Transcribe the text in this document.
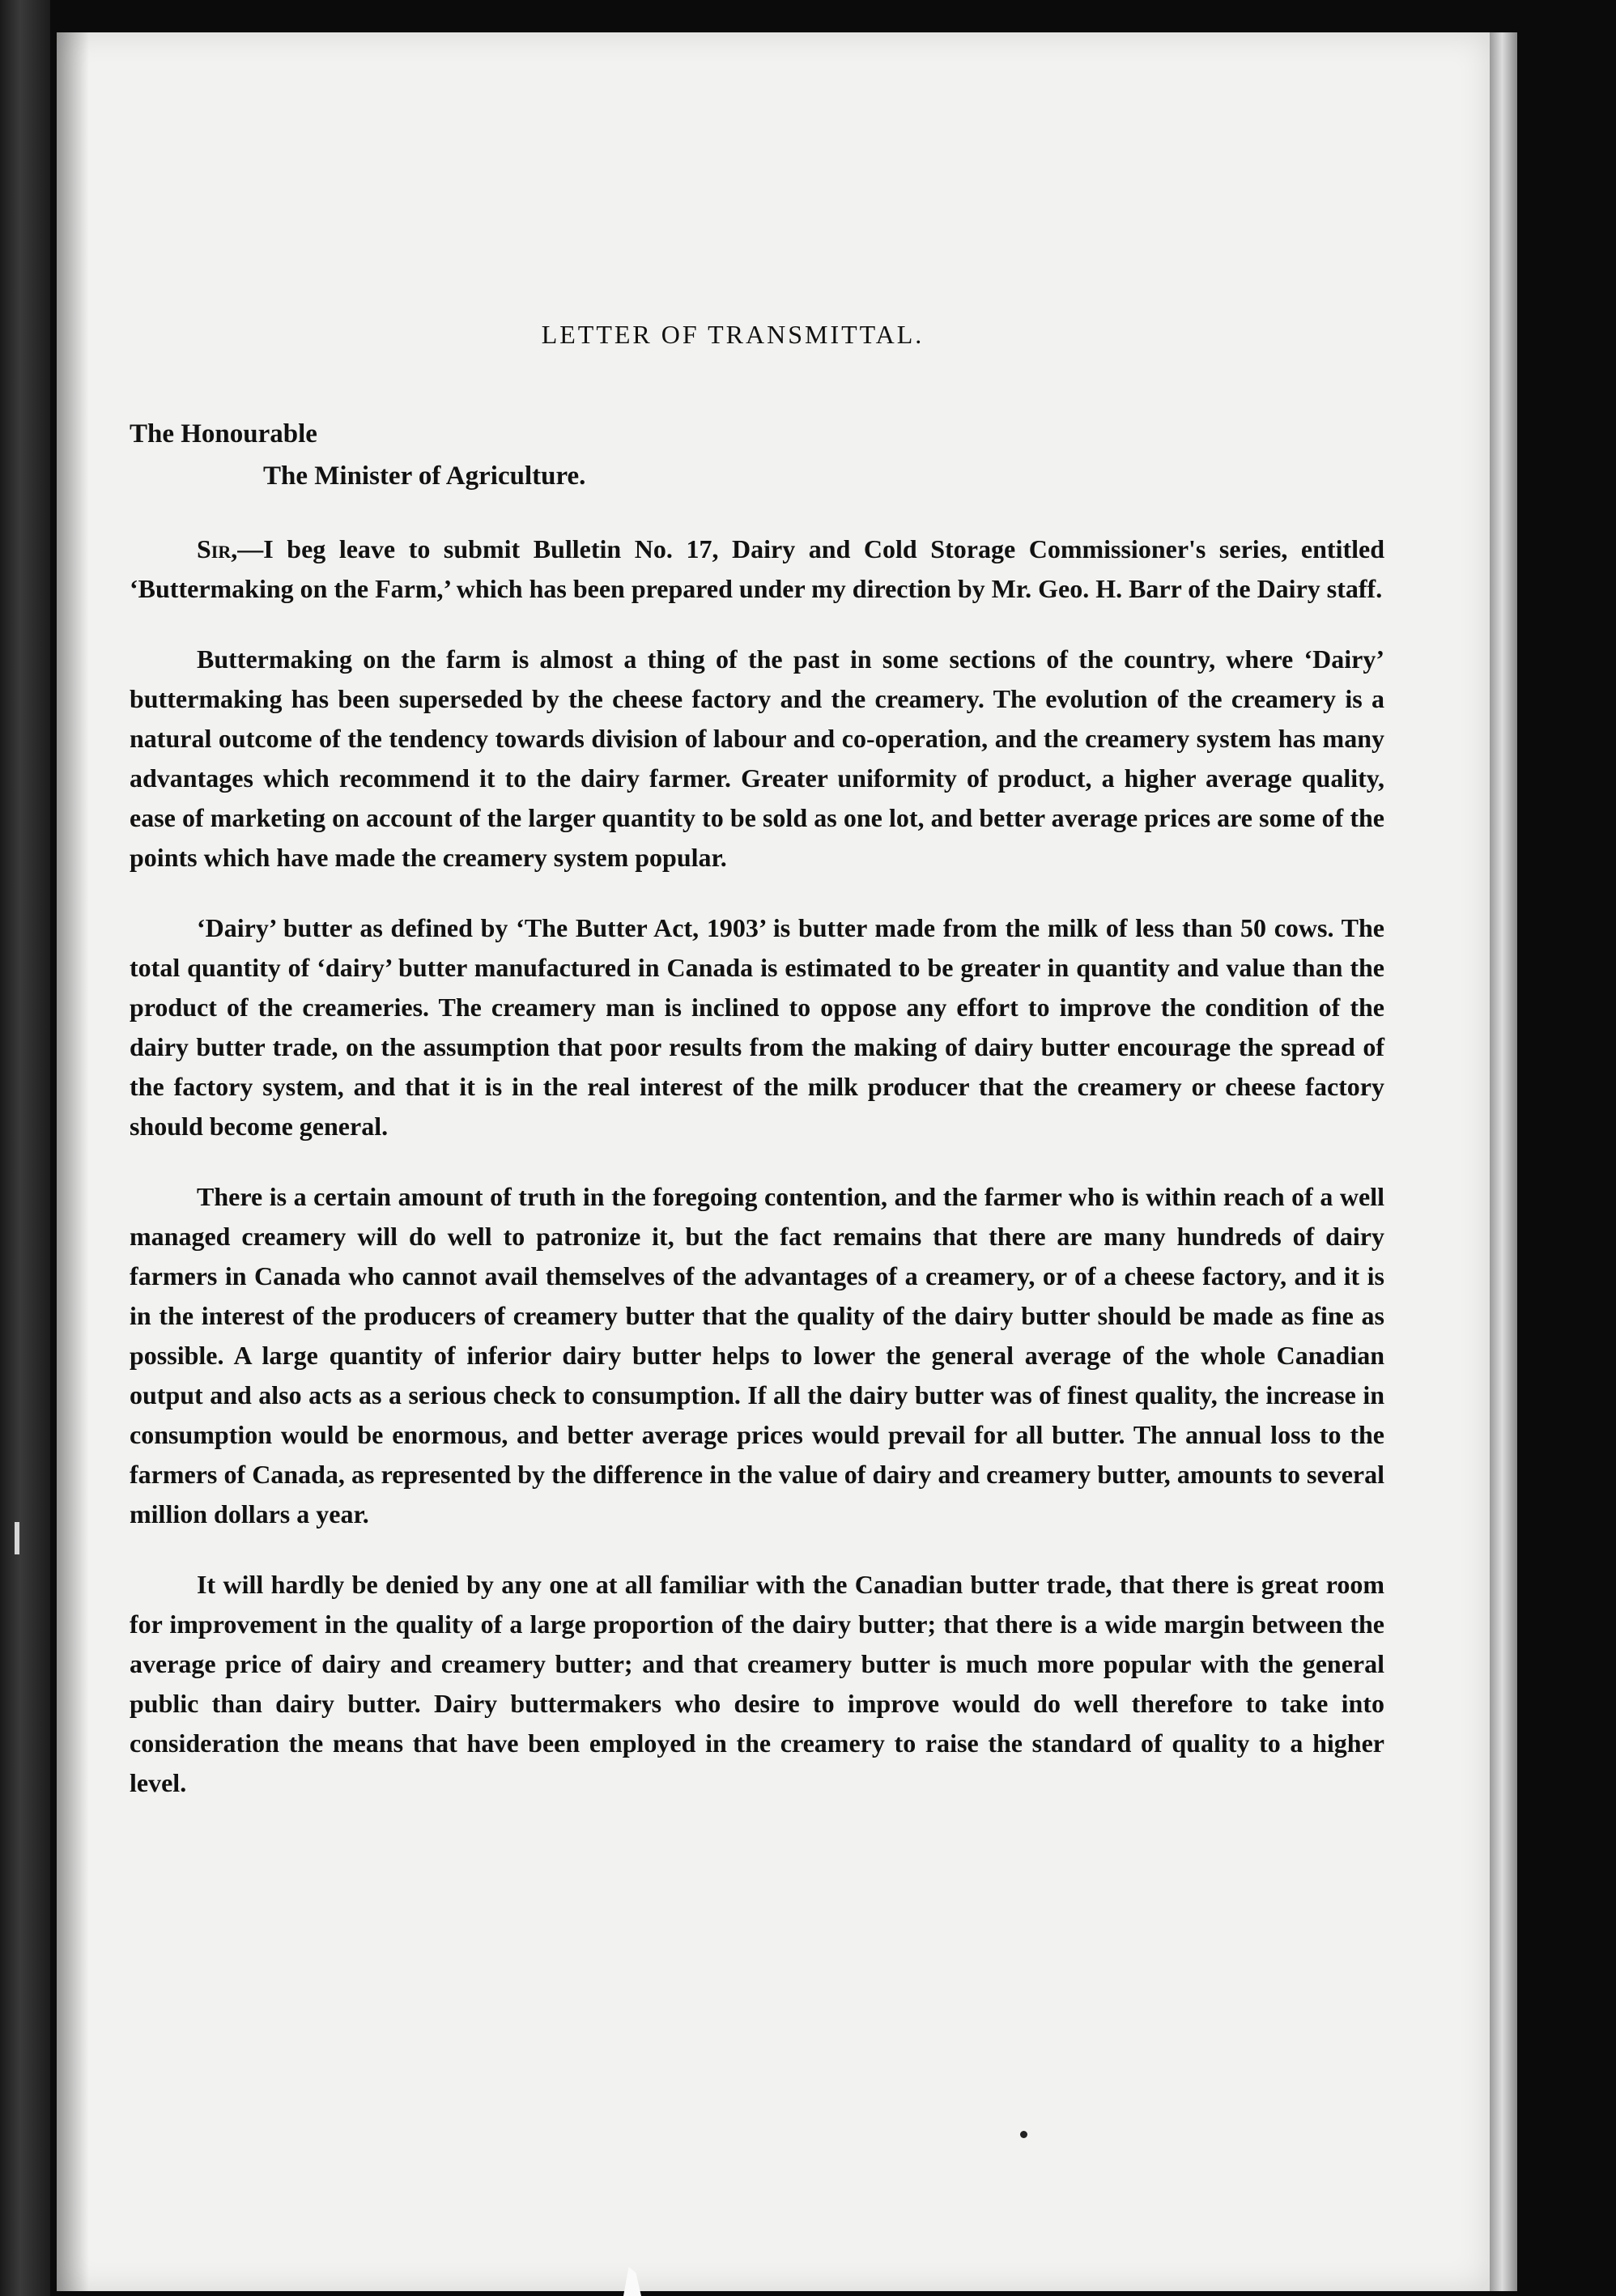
LETTER OF TRANSMITTAL.
The Honourable
The Minister of Agriculture.

Sir,—I beg leave to submit Bulletin No. 17, Dairy and Cold Storage Commissioner's series, entitled ‘Buttermaking on the Farm,’ which has been prepared under my direction by Mr. Geo. H. Barr of the Dairy staff.

Buttermaking on the farm is almost a thing of the past in some sections of the country, where ‘Dairy’ buttermaking has been superseded by the cheese factory and the creamery. The evolution of the creamery is a natural outcome of the tendency towards division of labour and co-operation, and the creamery system has many advantages which recommend it to the dairy farmer. Greater uniformity of product, a higher average quality, ease of marketing on account of the larger quantity to be sold as one lot, and better average prices are some of the points which have made the creamery system popular.

‘Dairy’ butter as defined by ‘The Butter Act, 1903’ is butter made from the milk of less than 50 cows. The total quantity of ‘dairy’ butter manufactured in Canada is estimated to be greater in quantity and value than the product of the creameries. The creamery man is inclined to oppose any effort to improve the condition of the dairy butter trade, on the assumption that poor results from the making of dairy butter encourage the spread of the factory system, and that it is in the real interest of the milk producer that the creamery or cheese factory should become general.

There is a certain amount of truth in the foregoing contention, and the farmer who is within reach of a well managed creamery will do well to patronize it, but the fact remains that there are many hundreds of dairy farmers in Canada who cannot avail themselves of the advantages of a creamery, or of a cheese factory, and it is in the interest of the producers of creamery butter that the quality of the dairy butter should be made as fine as possible. A large quantity of inferior dairy butter helps to lower the general average of the whole Canadian output and also acts as a serious check to consumption. If all the dairy butter was of finest quality, the increase in consumption would be enormous, and better average prices would prevail for all butter. The annual loss to the farmers of Canada, as represented by the difference in the value of dairy and creamery butter, amounts to several million dollars a year.

It will hardly be denied by any one at all familiar with the Canadian butter trade, that there is great room for improvement in the quality of a large proportion of the dairy butter; that there is a wide margin between the average price of dairy and creamery butter; and that creamery butter is much more popular with the general public than dairy butter. Dairy buttermakers who desire to improve would do well therefore to take into consideration the means that have been employed in the creamery to raise the standard of quality to a higher level.
